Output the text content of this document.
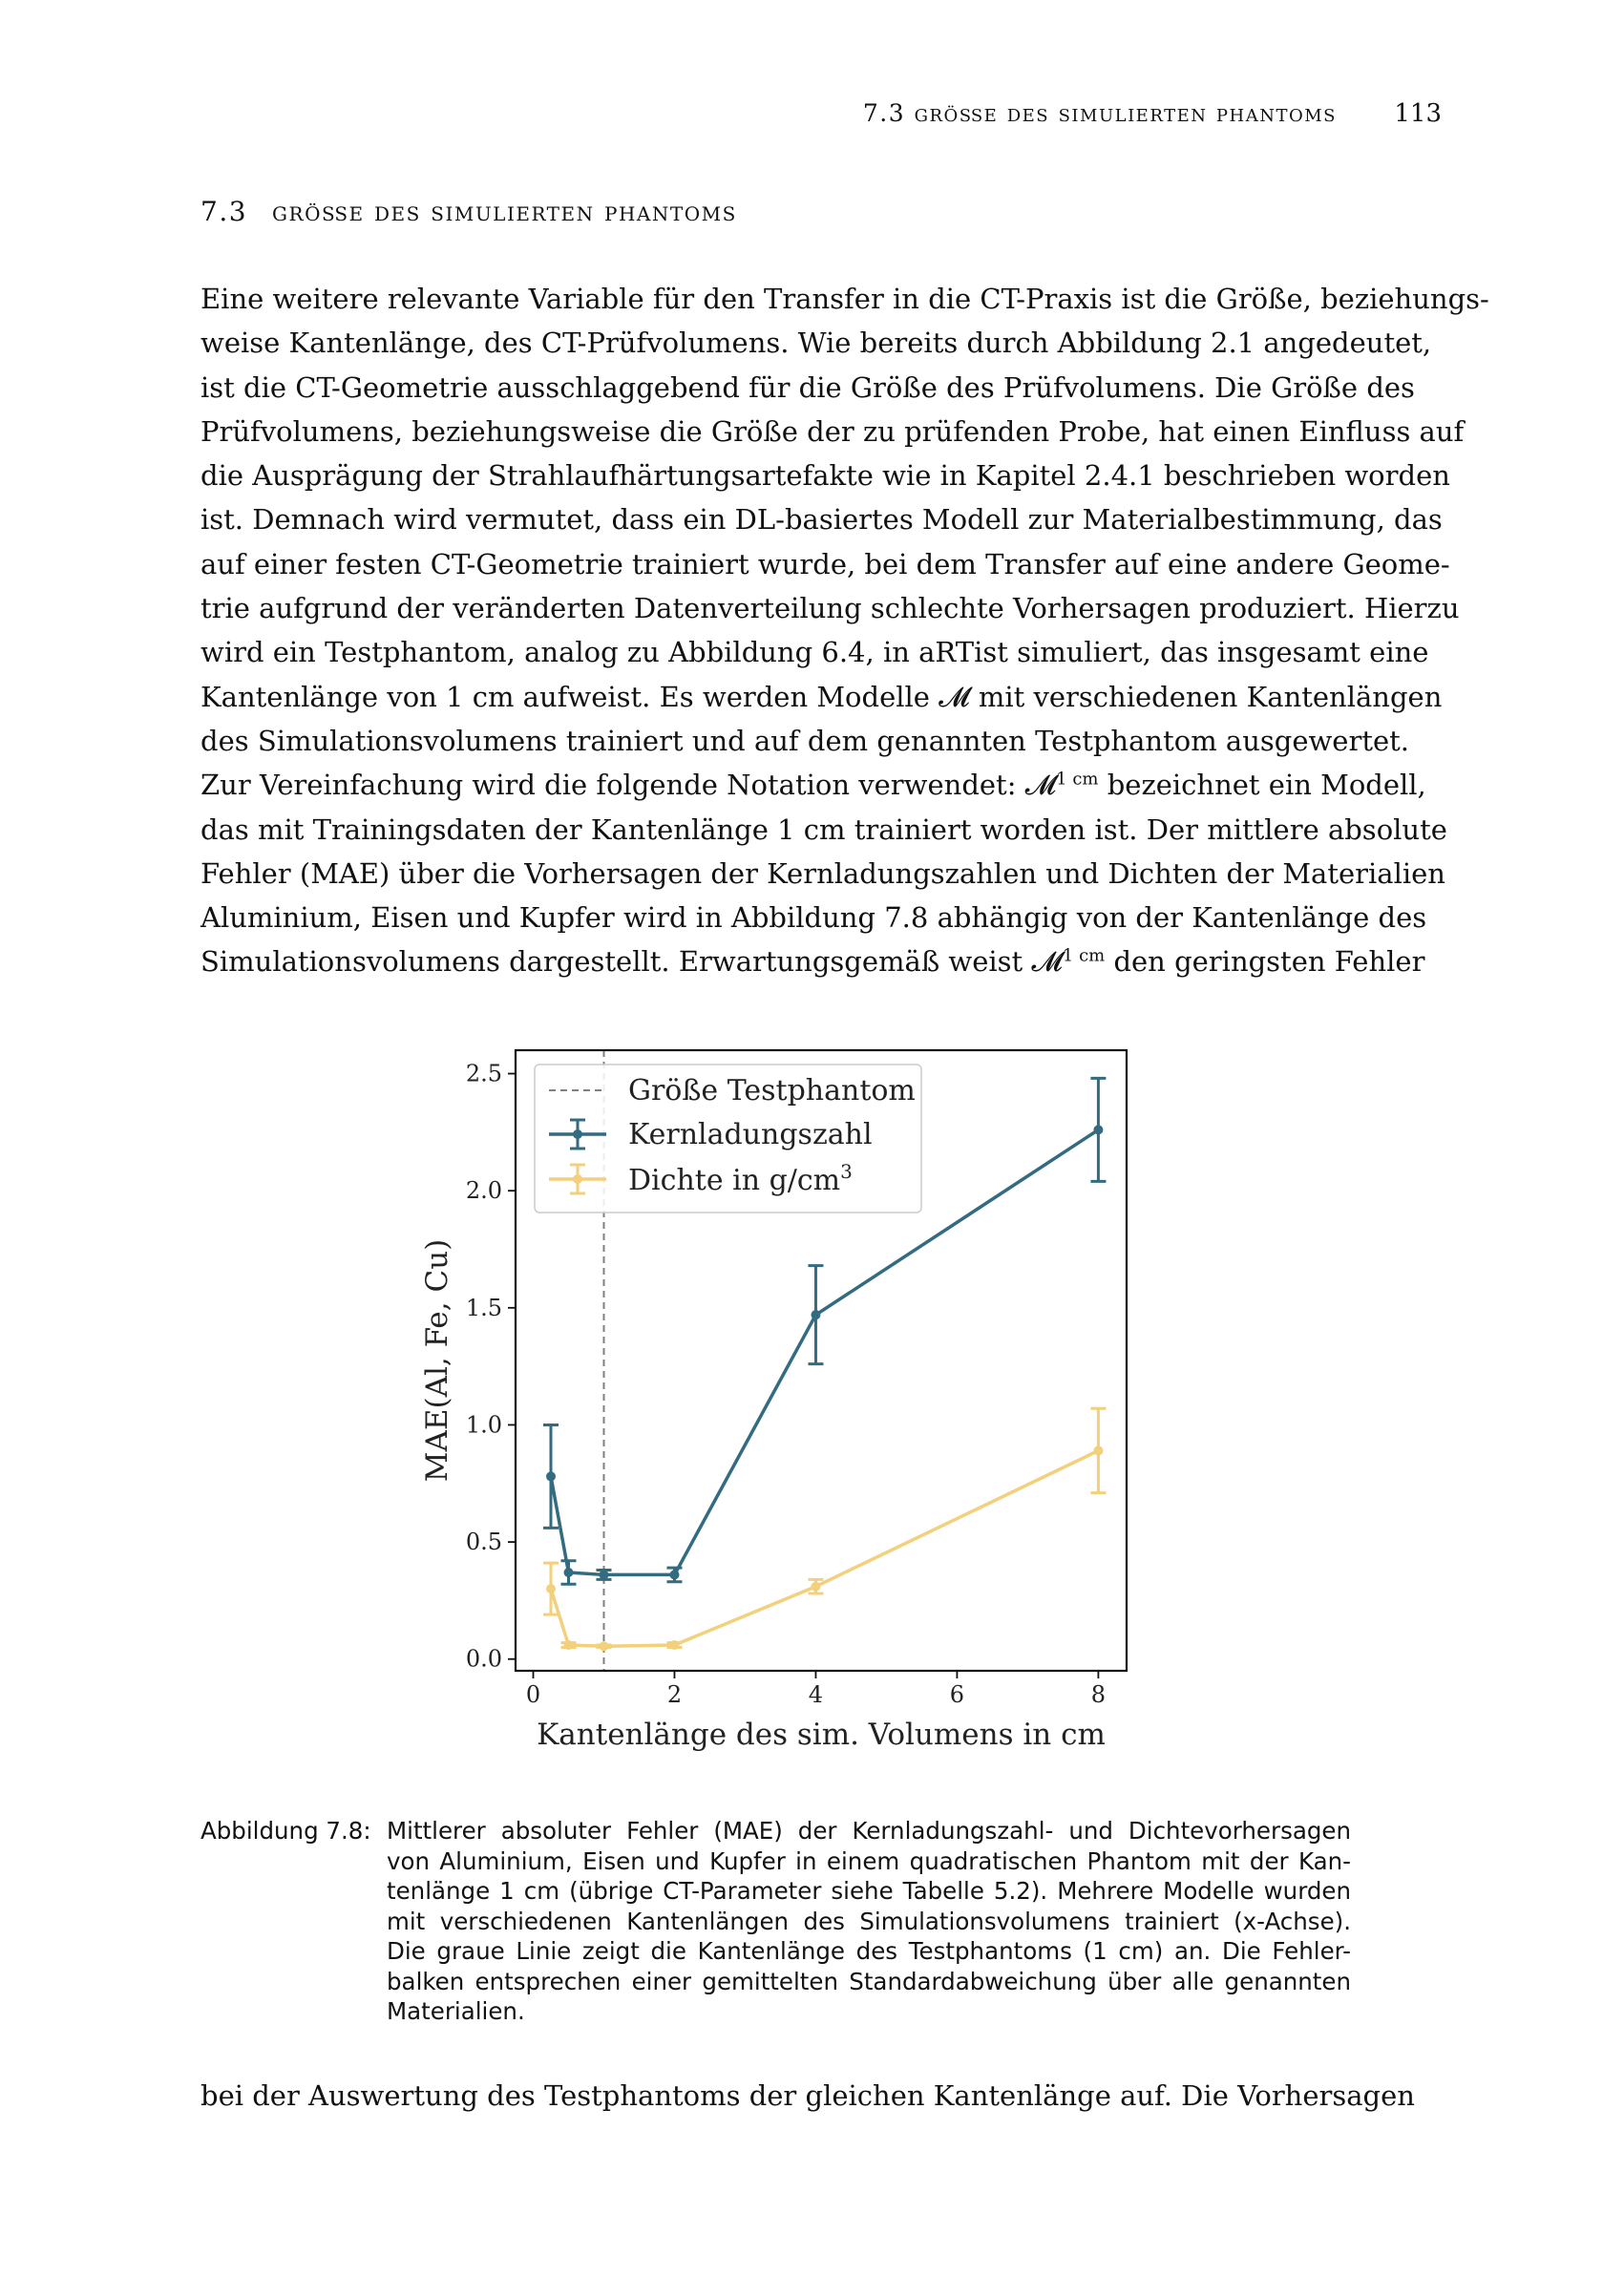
7.3 größe des simulierten phantoms 113
7.3 größe des simulierten phantoms
Eine weitere relevante Variable für den Transfer in die CT-Praxis ist die Größe, beziehungs-
weise Kantenlänge, des CT-Prüfvolumens. Wie bereits durch Abbildung 2.1 angedeutet,
ist die CT-Geometrie ausschlaggebend für die Größe des Prüfvolumens. Die Größe des
Prüfvolumens, beziehungsweise die Größe der zu prüfenden Probe, hat einen Einfluss auf
die Ausprägung der Strahlaufhärtungsartefakte wie in Kapitel 2.4.1 beschrieben worden
ist. Demnach wird vermutet, dass ein DL-basiertes Modell zur Materialbestimmung, das
auf einer festen CT-Geometrie trainiert wurde, bei dem Transfer auf eine andere Geome-
trie aufgrund der veränderten Datenverteilung schlechte Vorhersagen produziert. Hierzu
wird ein Testphantom, analog zu Abbildung 6.4, in aRTist simuliert, das insgesamt eine
Kantenlänge von 1 cm aufweist. Es werden Modelle 𝓜 mit verschiedenen Kantenlängen
des Simulationsvolumens trainiert und auf dem genannten Testphantom ausgewertet.
Zur Vereinfachung wird die folgende Notation verwendet: 𝓜$^{1 cm}$ bezeichnet ein Modell,
das mit Trainingsdaten der Kantenlänge 1 cm trainiert worden ist. Der mittlere absolute
Fehler (MAE) über die Vorhersagen der Kernladungszahlen und Dichten der Materialien
Aluminium, Eisen und Kupfer wird in Abbildung 7.8 abhängig von der Kantenlänge des
Simulationsvolumens dargestellt. Erwartungsgemäß weist 𝓜$^{1 cm}$ den geringsten Fehler
0.0
0.5
1.0
1.5
2.0
2.5
0	2	4	6	8
Größe Testphantom
Kernladungszahl
Dichte in $g/cm^3$
Kantenlänge des sim. Volumens in cm
MAE(Al, Fe, Cu)
Abbildung 7.8: Mittlerer absoluter Fehler (MAE) der Kernladungszahl- und Dichtevorhersagen
von Aluminium, Eisen und Kupfer in einem quadratischen Phantom mit der Kan-
tenlänge 1 cm (übrige CT-Parameter siehe Tabelle 5.2). Mehrere Modelle wurden
mit verschiedenen Kantenlängen des Simulationsvolumens trainiert (x-Achse).
Die graue Linie zeigt die Kantenlänge des Testphantoms (1 cm) an. Die Fehler-
balken entsprechen einer gemittelten Standardabweichung über alle genannten
Materialien.
bei der Auswertung des Testphantoms der gleichen Kantenlänge auf. Die Vorhersagen
